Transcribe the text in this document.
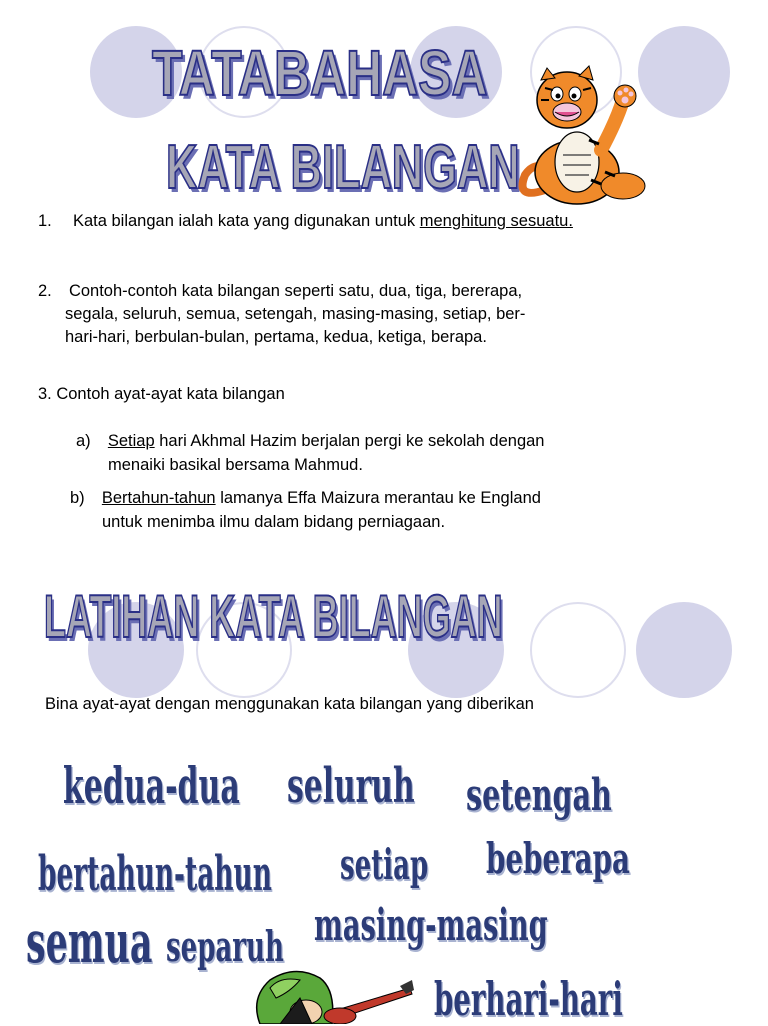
TATABAHASA
KATA BILANGAN
1. Kata bilangan ialah kata yang digunakan untuk menghitung sesuatu.
2. Contoh-contoh kata bilangan seperti satu, dua, tiga, bererapa,
segala, seluruh, semua, setengah, masing-masing, setiap, ber-
hari-hari, berbulan-bulan, pertama, kedua, ketiga, berapa.
3. Contoh ayat-ayat kata bilangan
a) Setiap hari Akhmal Hazim berjalan pergi ke sekolah dengan
menaiki basikal bersama Mahmud.
b) Bertahun-tahun lamanya Effa Maizura merantau ke England
untuk menimba ilmu dalam bidang perniagaan.
LATIHAN KATA BILANGAN
Bina ayat-ayat dengan menggunakan kata bilangan yang diberikan
kedua-dua seluruh setengah
bertahun-tahun setiap beberapa
semua separuh masing-masing
berhari-hari
